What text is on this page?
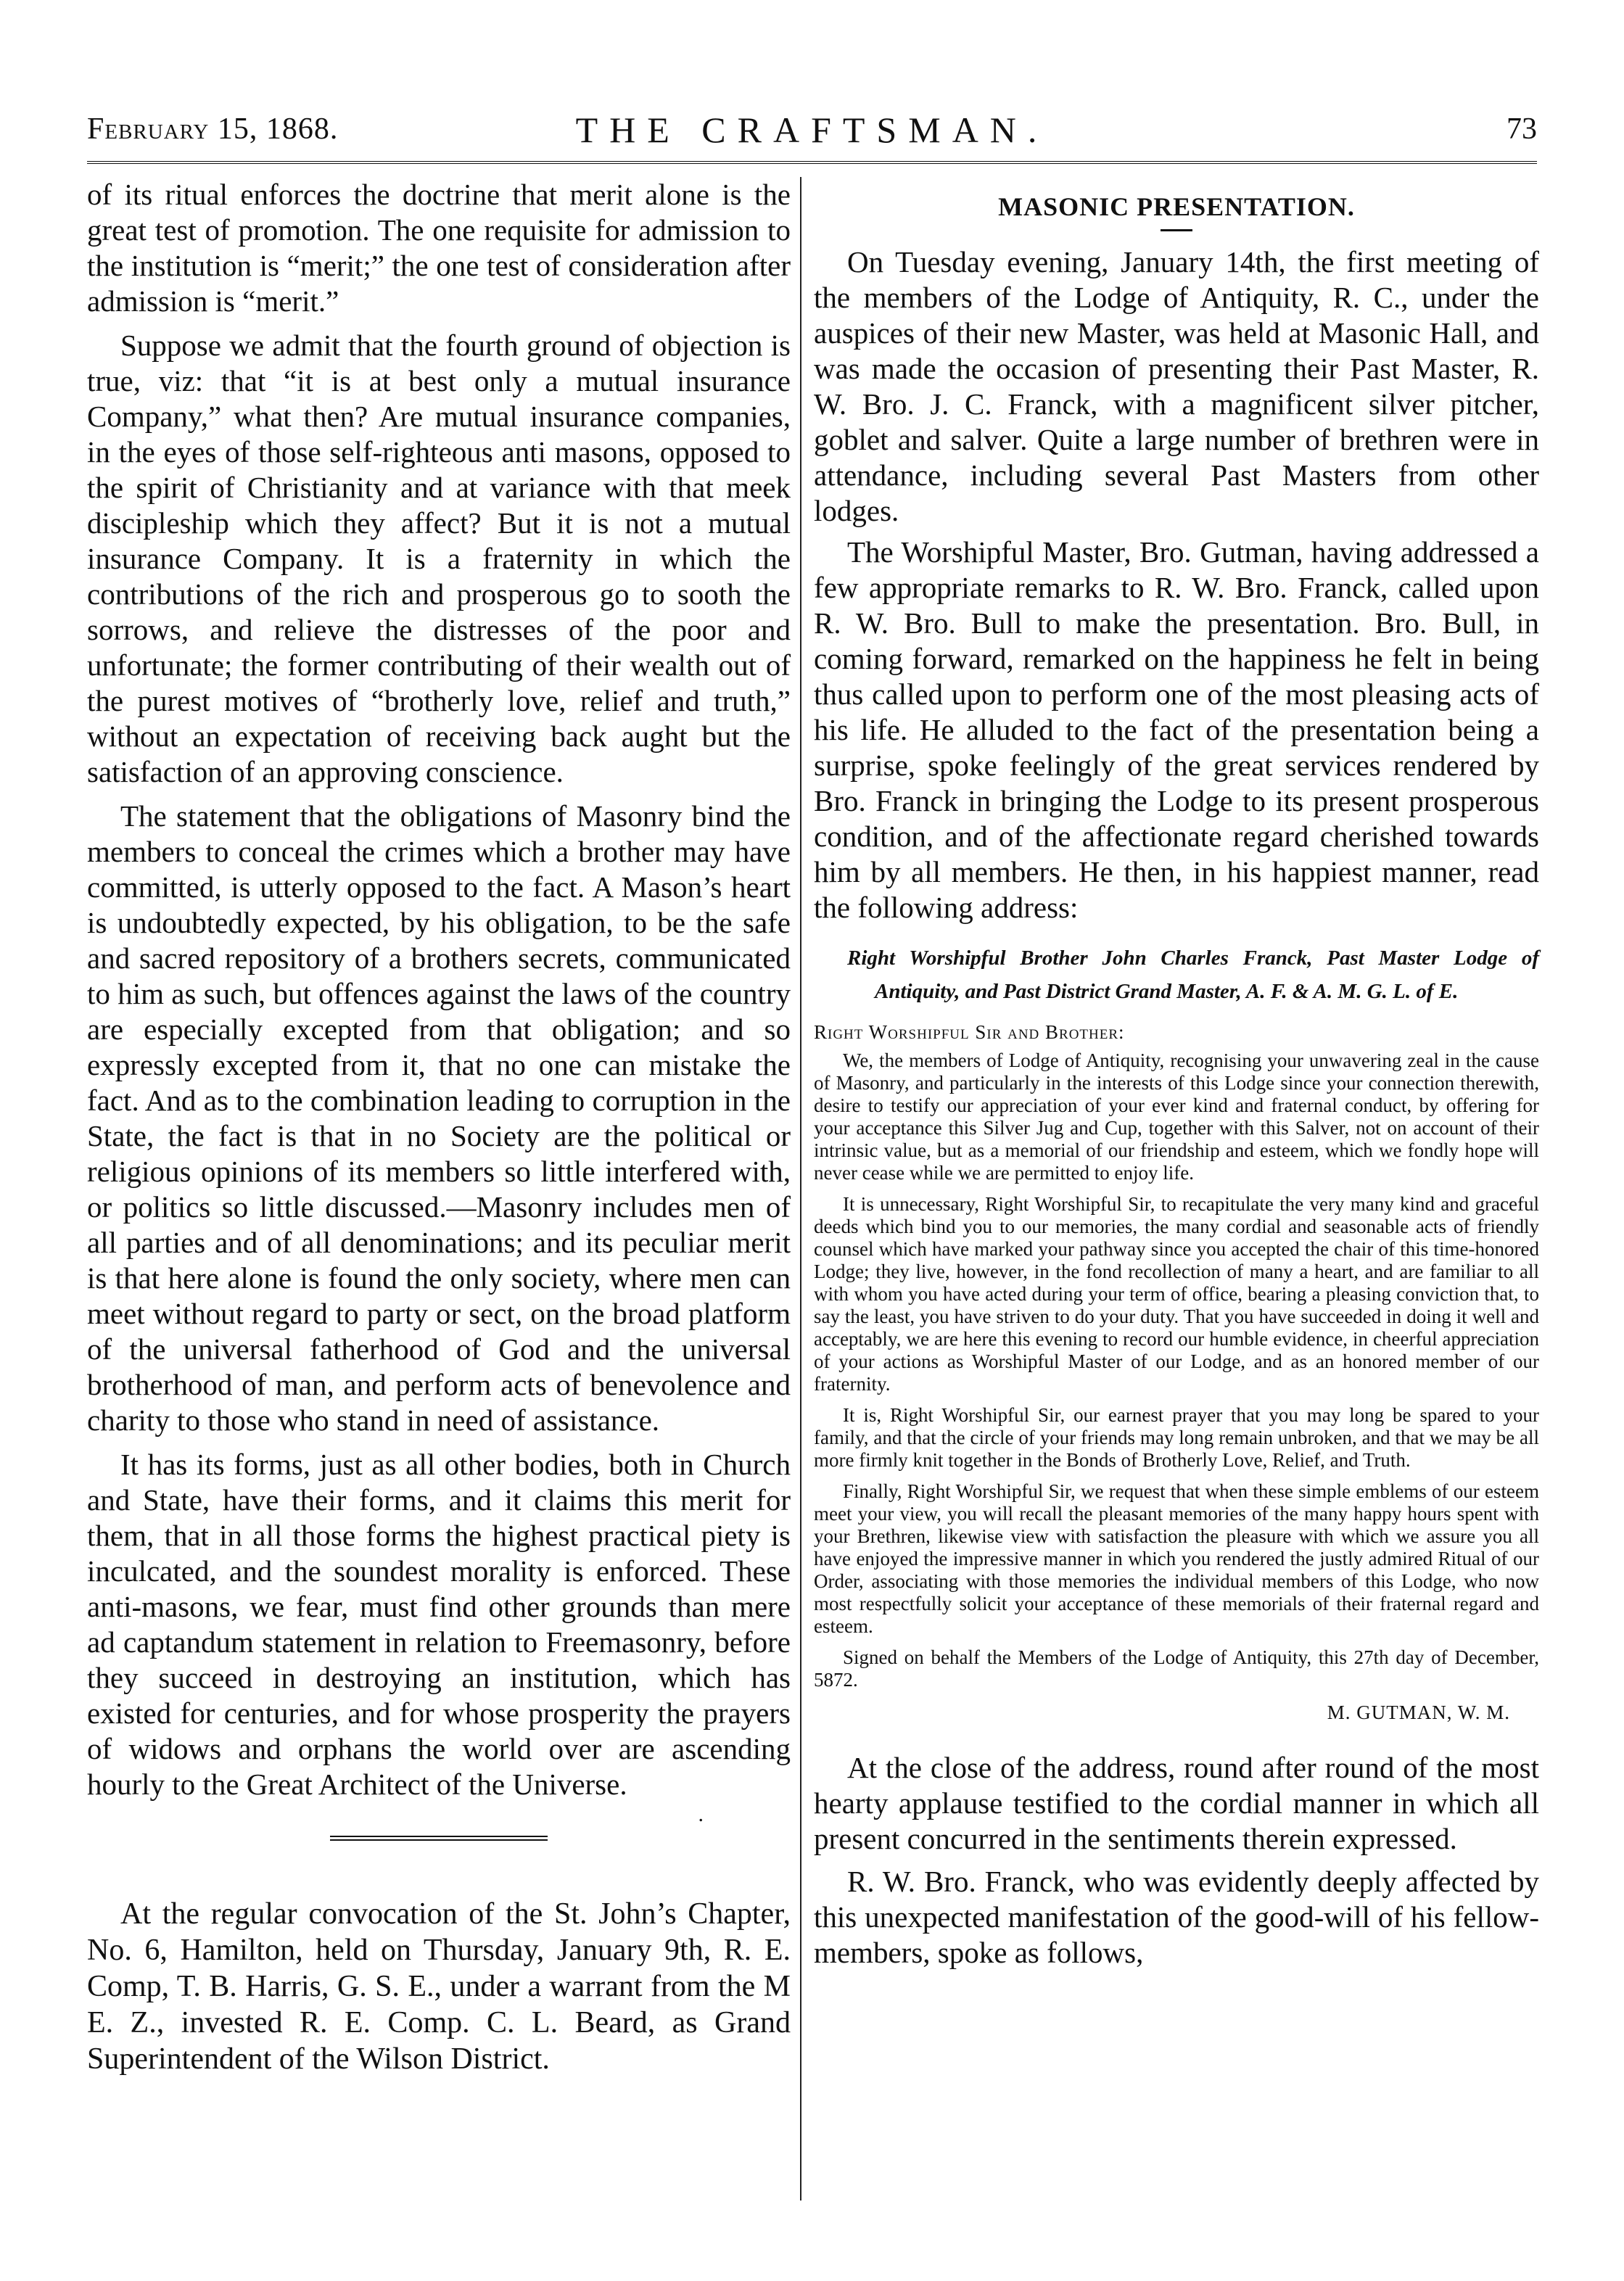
February 15, 1868.	THE CRAFTSMAN.	73

of its ritual enforces the doctrine that merit alone is the great test of promotion. The one requisite for admission to the institution is “merit;” the one test of consideration after admission is “merit.”

Suppose we admit that the fourth ground of objection is true, viz: that “it is at best only a mutual insurance Company,” what then? Are mutual insurance companies, in the eyes of those self-righteous anti masons, opposed to the spirit of Christianity and at variance with that meek discipleship which they affect? But it is not a mutual insurance Company. It is a fraternity in which the contributions of the rich and prosperous go to sooth the sorrows, and relieve the distresses of the poor and unfortunate; the former contributing of their wealth out of the purest motives of “brotherly love, relief and truth,” without an expectation of receiving back aught but the satisfaction of an approving conscience.

The statement that the obligations of Masonry bind the members to conceal the crimes which a brother may have committed, is utterly opposed to the fact. A Mason’s heart is undoubtedly expected, by his obligation, to be the safe and sacred repository of a brothers secrets, communicated to him as such, but offences against the laws of the country are especially excepted from that obligation; and so expressly excepted from it, that no one can mistake the fact. And as to the combination leading to corruption in the State, the fact is that in no Society are the political or religious opinions of its members so little interfered with, or politics so little discussed.—Masonry includes men of all parties and of all denominations; and its peculiar merit is that here alone is found the only society, where men can meet without regard to party or sect, on the broad platform of the universal fatherhood of God and the universal brotherhood of man, and perform acts of benevolence and charity to those who stand in need of assistance.

It has its forms, just as all other bodies, both in Church and State, have their forms, and it claims this merit for them, that in all those forms the highest practical piety is inculcated, and the soundest morality is enforced. These anti-masons, we fear, must find other grounds than mere ad captandum statement in relation to Freemasonry, before they succeed in destroying an institution, which has existed for centuries, and for whose prosperity the prayers of widows and orphans the world over are ascending hourly to the Great Architect of the Universe.

.

At the regular convocation of the St. John’s Chapter, No. 6, Hamilton, held on Thursday, January 9th, R. E. Comp, T. B. Harris, G. S. E., under a warrant from the M E. Z., invested R. E. Comp. C. L. Beard, as Grand Superintendent of the Wilson District.

MASONIC PRESENTATION.

On Tuesday evening, January 14th, the first meeting of the members of the Lodge of Antiquity, R. C., under the auspices of their new Master, was held at Masonic Hall, and was made the occasion of presenting their Past Master, R. W. Bro. J. C. Franck, with a magnificent silver pitcher, goblet and salver. Quite a large number of brethren were in attendance, including several Past Masters from other lodges.

The Worshipful Master, Bro. Gutman, having addressed a few appropriate remarks to R. W. Bro. Franck, called upon R. W. Bro. Bull to make the presentation. Bro. Bull, in coming forward, remarked on the happiness he felt in being thus called upon to perform one of the most pleasing acts of his life. He alluded to the fact of the presentation being a surprise, spoke feelingly of the great services rendered by Bro. Franck in bringing the Lodge to its present prosperous condition, and of the affectionate regard cherished towards him by all members. He then, in his happiest manner, read the following address:

Right Worshipful Brother John Charles Franck, Past Master Lodge of Antiquity, and Past District Grand Master, A. F. & A. M. G. L. of E.

Right Worshipful Sir and Brother:

We, the members of Lodge of Antiquity, recognising your unwavering zeal in the cause of Masonry, and particularly in the interests of this Lodge since your connection therewith, desire to testify our appreciation of your ever kind and fraternal conduct, by offering for your acceptance this Silver Jug and Cup, together with this Salver, not on account of their intrinsic value, but as a memorial of our friendship and esteem, which we fondly hope will never cease while we are permitted to enjoy life.

It is unnecessary, Right Worshipful Sir, to recapitulate the very many kind and graceful deeds which bind you to our memories, the many cordial and seasonable acts of friendly counsel which have marked your pathway since you accepted the chair of this time-honored Lodge; they live, however, in the fond recollection of many a heart, and are familiar to all with whom you have acted during your term of office, bearing a pleasing conviction that, to say the least, you have striven to do your duty. That you have succeeded in doing it well and acceptably, we are here this evening to record our humble evidence, in cheerful appreciation of your actions as Worshipful Master of our Lodge, and as an honored member of our fraternity.

It is, Right Worshipful Sir, our earnest prayer that you may long be spared to your family, and that the circle of your friends may long remain unbroken, and that we may be all more firmly knit together in the Bonds of Brotherly Love, Relief, and Truth.

Finally, Right Worshipful Sir, we request that when these simple emblems of our esteem meet your view, you will recall the pleasant memories of the many happy hours spent with your Brethren, likewise view with satisfaction the pleasure with which we assure you all have enjoyed the impressive manner in which you rendered the justly admired Ritual of our Order, associating with those memories the individual members of this Lodge, who now most respectfully solicit your acceptance of these memorials of their fraternal regard and esteem.

Signed on behalf the Members of the Lodge of Antiquity, this 27th day of December, 5872.

M. GUTMAN, W. M.

At the close of the address, round after round of the most hearty applause testified to the cordial manner in which all present concurred in the sentiments therein expressed.

R. W. Bro. Franck, who was evidently deeply affected by this unexpected manifestation of the good-will of his fellow-members, spoke as follows,
